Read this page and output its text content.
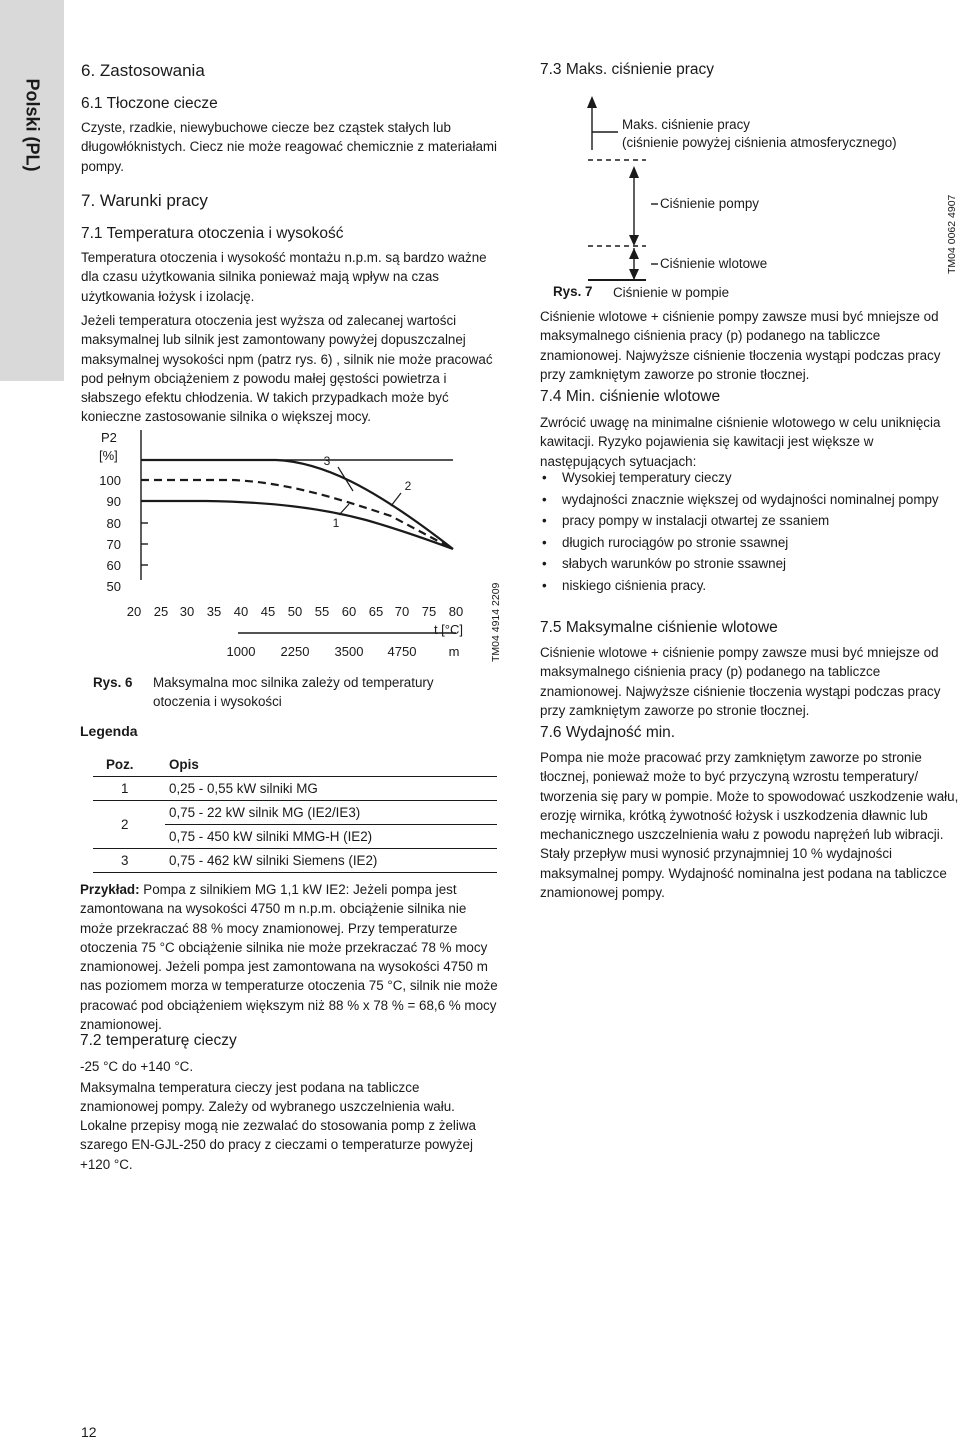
Polski (PL)
6. Zastosowania
6.1 Tłoczone ciecze

Czyste, rzadkie, niewybuchowe ciecze bez cząstek stałych lub długowłóknistych. Ciecz nie może reagować chemicznie z materiałami pompy.

7. Warunki pracy
7.1 Temperatura otoczenia i wysokość

Temperatura otoczenia i wysokość montażu n.p.m. są bardzo ważne dla czasu użytkowania silnika ponieważ mają wpływ na czas użytkowania łożysk i izolację.

Jeżeli temperatura otoczenia jest wyższa od zalecanej wartości maksymalnej lub silnik jest zamontowany powyżej dopuszczalnej maksymalnej wysokości npm (patrz rys. 6) , silnik nie może pracować pod pełnym obciążeniem z powodu małej gęstości powietrza i słabszego efektu chłodzenia. W takich przypadkach może być konieczne zastosowanie silnika o większej mocy.

P2
[%]
100
90
80
70
60
50
20 25 30 35 40 45 50 55 60 65 70 75 80
t [°C]
1000 2250 3500 4750 m
3
2
1
TM04 4914 2209
Rys. 6 Maksymalna moc silnika zależy od temperatury otoczenia i wysokości
Legenda
Poz.	Opis
1	0,25 - 0,55 kW silniki MG
2	0,75 - 22 kW silnik MG (IE2/IE3)
	0,75 - 450 kW silniki MMG-H (IE2)
3	0,75 - 462 kW silniki Siemens (IE2)

Przykład: Pompa z silnikiem MG 1,1 kW IE2: Jeżeli pompa jest zamontowana na wysokości 4750 m n.p.m. obciążenie silnika nie może przekraczać 88 % mocy znamionowej. Przy temperaturze otoczenia 75 °C obciążenie silnika nie może przekraczać 78 % mocy znamionowej. Jeżeli pompa jest zamontowana na wysokości 4750 m nas poziomem morza w temperaturze otoczenia 75 °C, silnik nie może pracować pod obciążeniem większym niż 88 % x 78 % = 68,6 % mocy znamionowej.

7.2 temperaturę cieczy

-25 °C do +140 °C.

Maksymalna temperatura cieczy jest podana na tabliczce znamionowej pompy. Zależy od wybranego uszczelnienia wału.

Lokalne przepisy mogą nie zezwalać do stosowania pomp z żeliwa szarego EN-GJL-250 do pracy z cieczami o temperaturze powyżej +120 °C.

12
7.3 Maks. ciśnienie pracy
Maks. ciśnienie pracy
(ciśnienie powyżej ciśnienia atmosferycznego)
Ciśnienie pompy
Ciśnienie wlotowe	TM04 0062 4907
Rys. 7 Ciśnienie w pompie

Ciśnienie wlotowe + ciśnienie pompy zawsze musi być mniejsze od maksymalnego ciśnienia pracy (p) podanego na tabliczce znamionowej. Najwyższe ciśnienie tłoczenia wystąpi podczas pracy przy zamkniętym zaworze po stronie tłocznej.

7.4 Min. ciśnienie wlotowe

Zwrócić uwagę na minimalne ciśnienie wlotowego w celu uniknięcia kawitacji. Ryzyko pojawienia się kawitacji jest większe w następujących sytuacjach:

• Wysokiej temperatury cieczy
• wydajności znacznie większej od wydajności nominalnej pompy
• pracy pompy w instalacji otwartej ze ssaniem
• długich rurociągów po stronie ssawnej
• słabych warunków po stronie ssawnej
• niskiego ciśnienia pracy.
7.5 Maksymalne ciśnienie wlotowe

Ciśnienie wlotowe + ciśnienie pompy zawsze musi być mniejsze od maksymalnego ciśnienia pracy (p) podanego na tabliczce znamionowej. Najwyższe ciśnienie tłoczenia wystąpi podczas pracy przy zamkniętym zaworze po stronie tłocznej.

7.6 Wydajność min.

Pompa nie może pracować przy zamkniętym zaworze po stronie tłocznej, ponieważ może to być przyczyną wzrostu temperatury/ tworzenia się pary w pompie. Może to spowodować uszkodzenie wału, erozję wirnika, krótką żywotność łożysk i uszkodzenia dławnic lub mechanicznego uszczelnienia wału z powodu naprężeń lub wibracji. Stały przepływ musi wynosić przynajmniej 10 % wydajności maksymalnej pompy. Wydajność nominalna jest podana na tabliczce znamionowej pompy.
